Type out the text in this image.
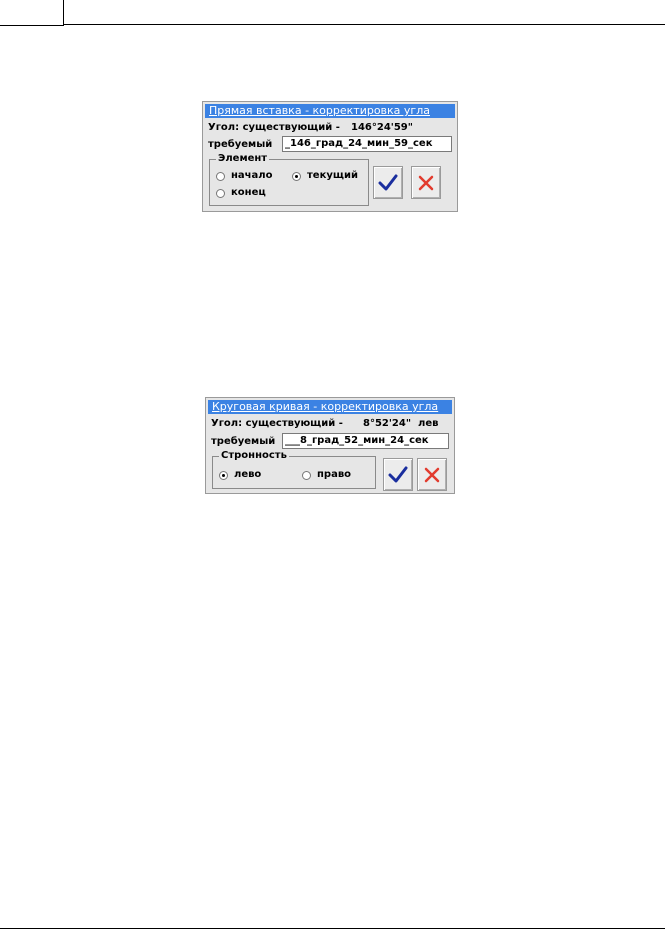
Прямая вставка - корректировка угла
Угол: существующий - 146°24'59"
требуемый	_146_град_24_мин_59_сек
Элемент
начало	текущий
конец
Круговая кривая - корректировка угла
Угол: существующий - 8°52'24"  лев
требуемый ___8_град_52_мин_24_сек
Стронность
лево	право
